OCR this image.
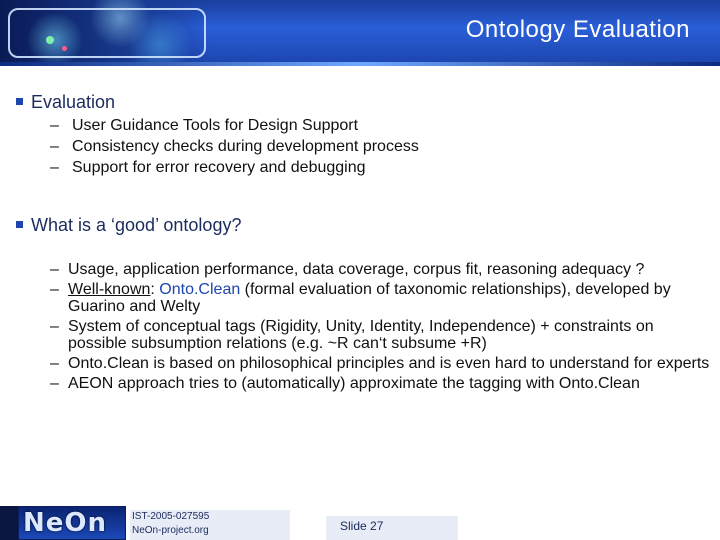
Ontology Evaluation
Evaluation
– User Guidance Tools for Design Support
– Consistency checks during development process
– Support for error recovery and debugging
What is a ‘good’ ontology?
– Usage, application performance, data coverage, corpus fit, reasoning adequacy ?
– Well-known: Onto.Clean (formal evaluation of taxonomic relationships), developed by Guarino and Welty
– System of conceptual tags (Rigidity, Unity, Identity, Independence) + constraints on possible subsumption relations (e.g. ~R can‘t subsume +R)
– Onto.Clean is based on philosophical principles and is even hard to understand for experts
– AEON approach tries to (automatically) approximate the tagging with Onto.Clean
NeOn IST-2005-027595
NeOn-project.org	Slide 27
